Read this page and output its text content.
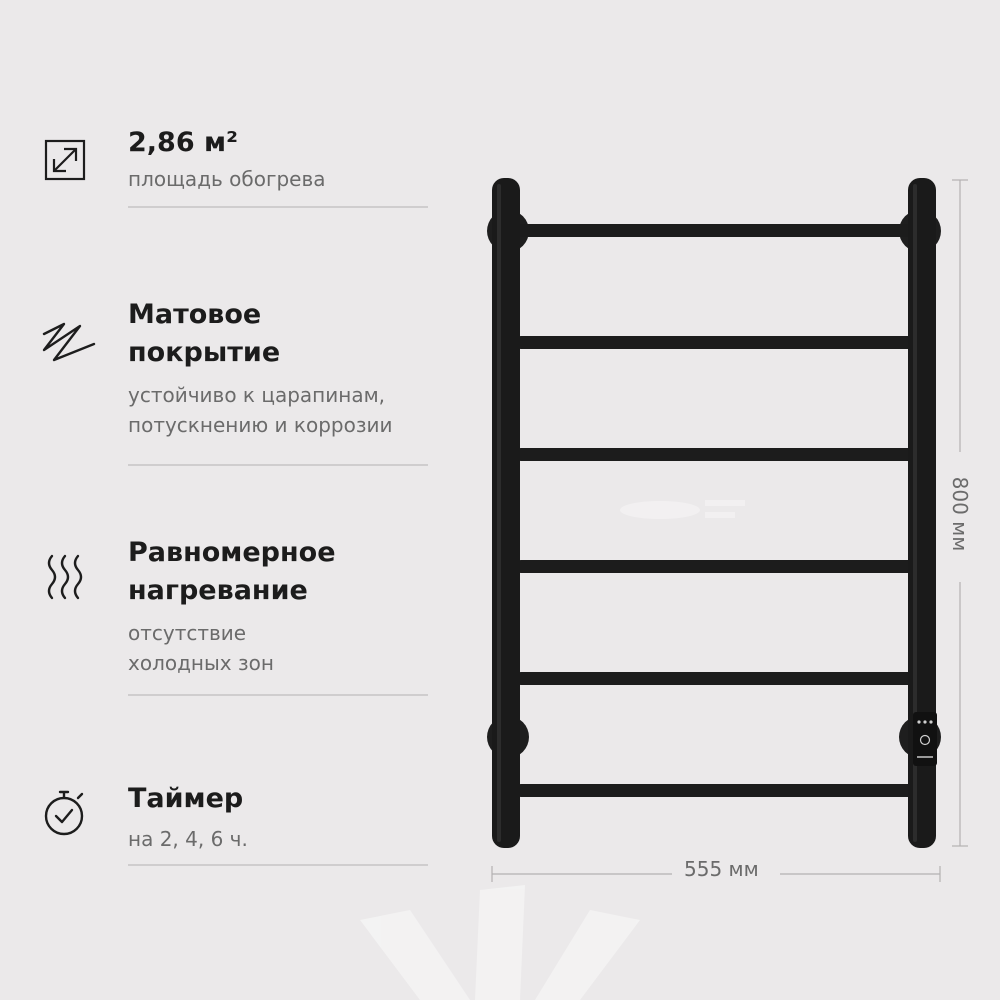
2,86 м²
площадь обогрева
Матовое
покрытие
устойчиво к царапинам,
потускнению и коррозии
Равномерное
нагревание
отсутствие
холодных зон
Таймер
на 2, 4, 6 ч.
555 мм
800 мм
